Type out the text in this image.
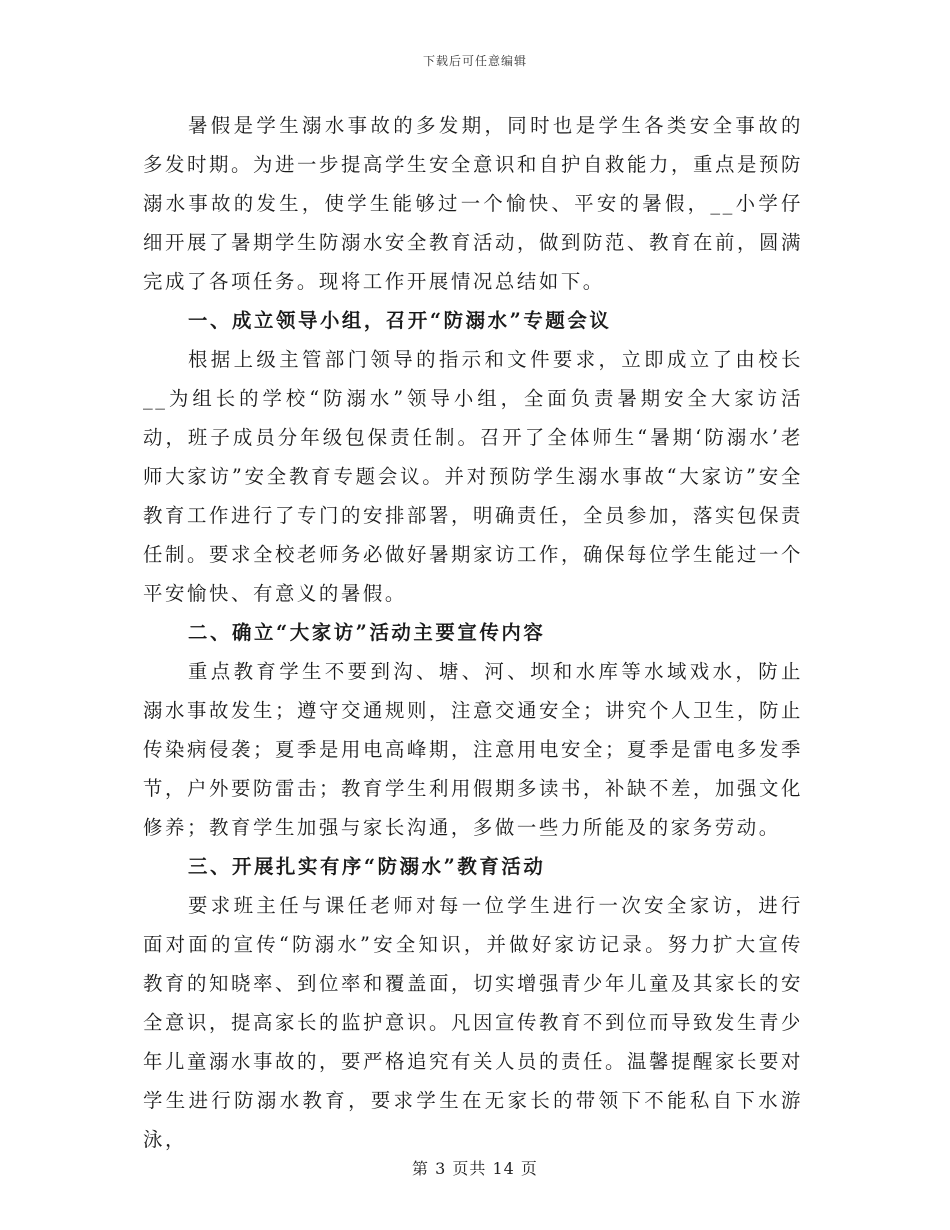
下载后可任意编辑

暑假是学生溺水事故的多发期，同时也是学生各类安全事故的多发时期。为进一步提高学生安全意识和自护自救能力，重点是预防溺水事故的发生，使学生能够过一个愉快、平安的暑假，__小学仔细开展了暑期学生防溺水安全教育活动，做到防范、教育在前，圆满完成了各项任务。现将工作开展情况总结如下。

一、成立领导小组，召开“防溺水”专题会议

根据上级主管部门领导的指示和文件要求，立即成立了由校长__为组长的学校“防溺水”领导小组，全面负责暑期安全大家访活动，班子成员分年级包保责任制。召开了全体师生“暑期‘防溺水’老师大家访”安全教育专题会议。并对预防学生溺水事故“大家访”安全教育工作进行了专门的安排部署，明确责任，全员参加，落实包保责任制。要求全校老师务必做好暑期家访工作，确保每位学生能过一个平安愉快、有意义的暑假。

二、确立“大家访”活动主要宣传内容

重点教育学生不要到沟、塘、河、坝和水库等水域戏水，防止溺水事故发生；遵守交通规则，注意交通安全；讲究个人卫生，防止传染病侵袭；夏季是用电高峰期，注意用电安全；夏季是雷电多发季节，户外要防雷击；教育学生利用假期多读书，补缺不差，加强文化修养；教育学生加强与家长沟通，多做一些力所能及的家务劳动。

三、开展扎实有序“防溺水”教育活动

要求班主任与课任老师对每一位学生进行一次安全家访，进行面对面的宣传“防溺水”安全知识，并做好家访记录。努力扩大宣传教育的知晓率、到位率和覆盖面，切实增强青少年儿童及其家长的安全意识，提高家长的监护意识。凡因宣传教育不到位而导致发生青少年儿童溺水事故的，要严格追究有关人员的责任。温馨提醒家长要对学生进行防溺水教育，要求学生在无家长的带领下不能私自下水游泳，

第 3 页共 14 页
